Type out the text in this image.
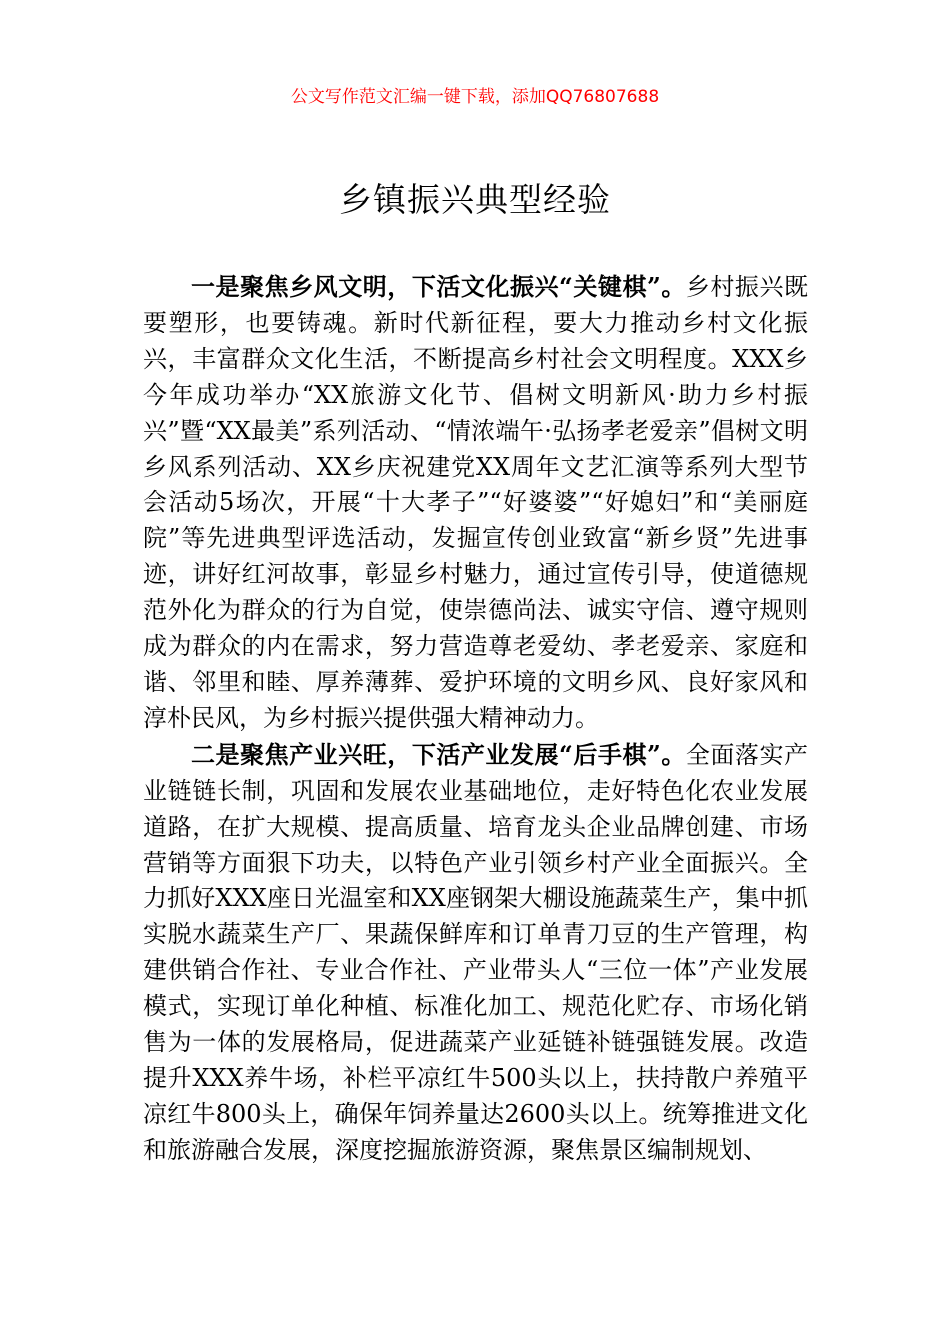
公文写作范文汇编一键下载，添加QQ76807688
乡镇振兴典型经验

一是聚焦乡风文明，下活文化振兴“关键棋”。乡村振兴既要塑形，也要铸魂。新时代新征程，要大力推动乡村文化振兴，丰富群众文化生活，不断提高乡村社会文明程度。XXX乡今年成功举办“XX旅游文化节、倡树文明新风·助力乡村振兴”暨“XX最美”系列活动、“情浓端午·弘扬孝老爱亲”倡树文明乡风系列活动、XX乡庆祝建党XX周年文艺汇演等系列大型节会活动5场次，开展“十大孝子”“好婆婆”“好媳妇”和“美丽庭院”等先进典型评选活动，发掘宣传创业致富“新乡贤”先进事迹，讲好红河故事，彰显乡村魅力，通过宣传引导，使道德规范外化为群众的行为自觉，使崇德尚法、诚实守信、遵守规则成为群众的内在需求，努力营造尊老爱幼、孝老爱亲、家庭和谐、邻里和睦、厚养薄葬、爱护环境的文明乡风、良好家风和淳朴民风，为乡村振兴提供强大精神动力。

二是聚焦产业兴旺，下活产业发展“后手棋”。全面落实产业链链长制，巩固和发展农业基础地位，走好特色化农业发展道路，在扩大规模、提高质量、培育龙头企业品牌创建、市场营销等方面狠下功夫，以特色产业引领乡村产业全面振兴。全力抓好XXX座日光温室和XX座钢架大棚设施蔬菜生产，集中抓实脱水蔬菜生产厂、果蔬保鲜库和订单青刀豆的生产管理，构建供销合作社、专业合作社、产业带头人“三位一体”产业发展模式，实现订单化种植、标准化加工、规范化贮存、市场化销售为一体的发展格局，促进蔬菜产业延链补链强链发展。改造提升XXX养牛场，补栏平凉红牛500头以上，扶持散户养殖平凉红牛800头上，确保年饲养量达2600头以上。统筹推进文化和旅游融合发展，深度挖掘旅游资源，聚焦景区编制规划、
